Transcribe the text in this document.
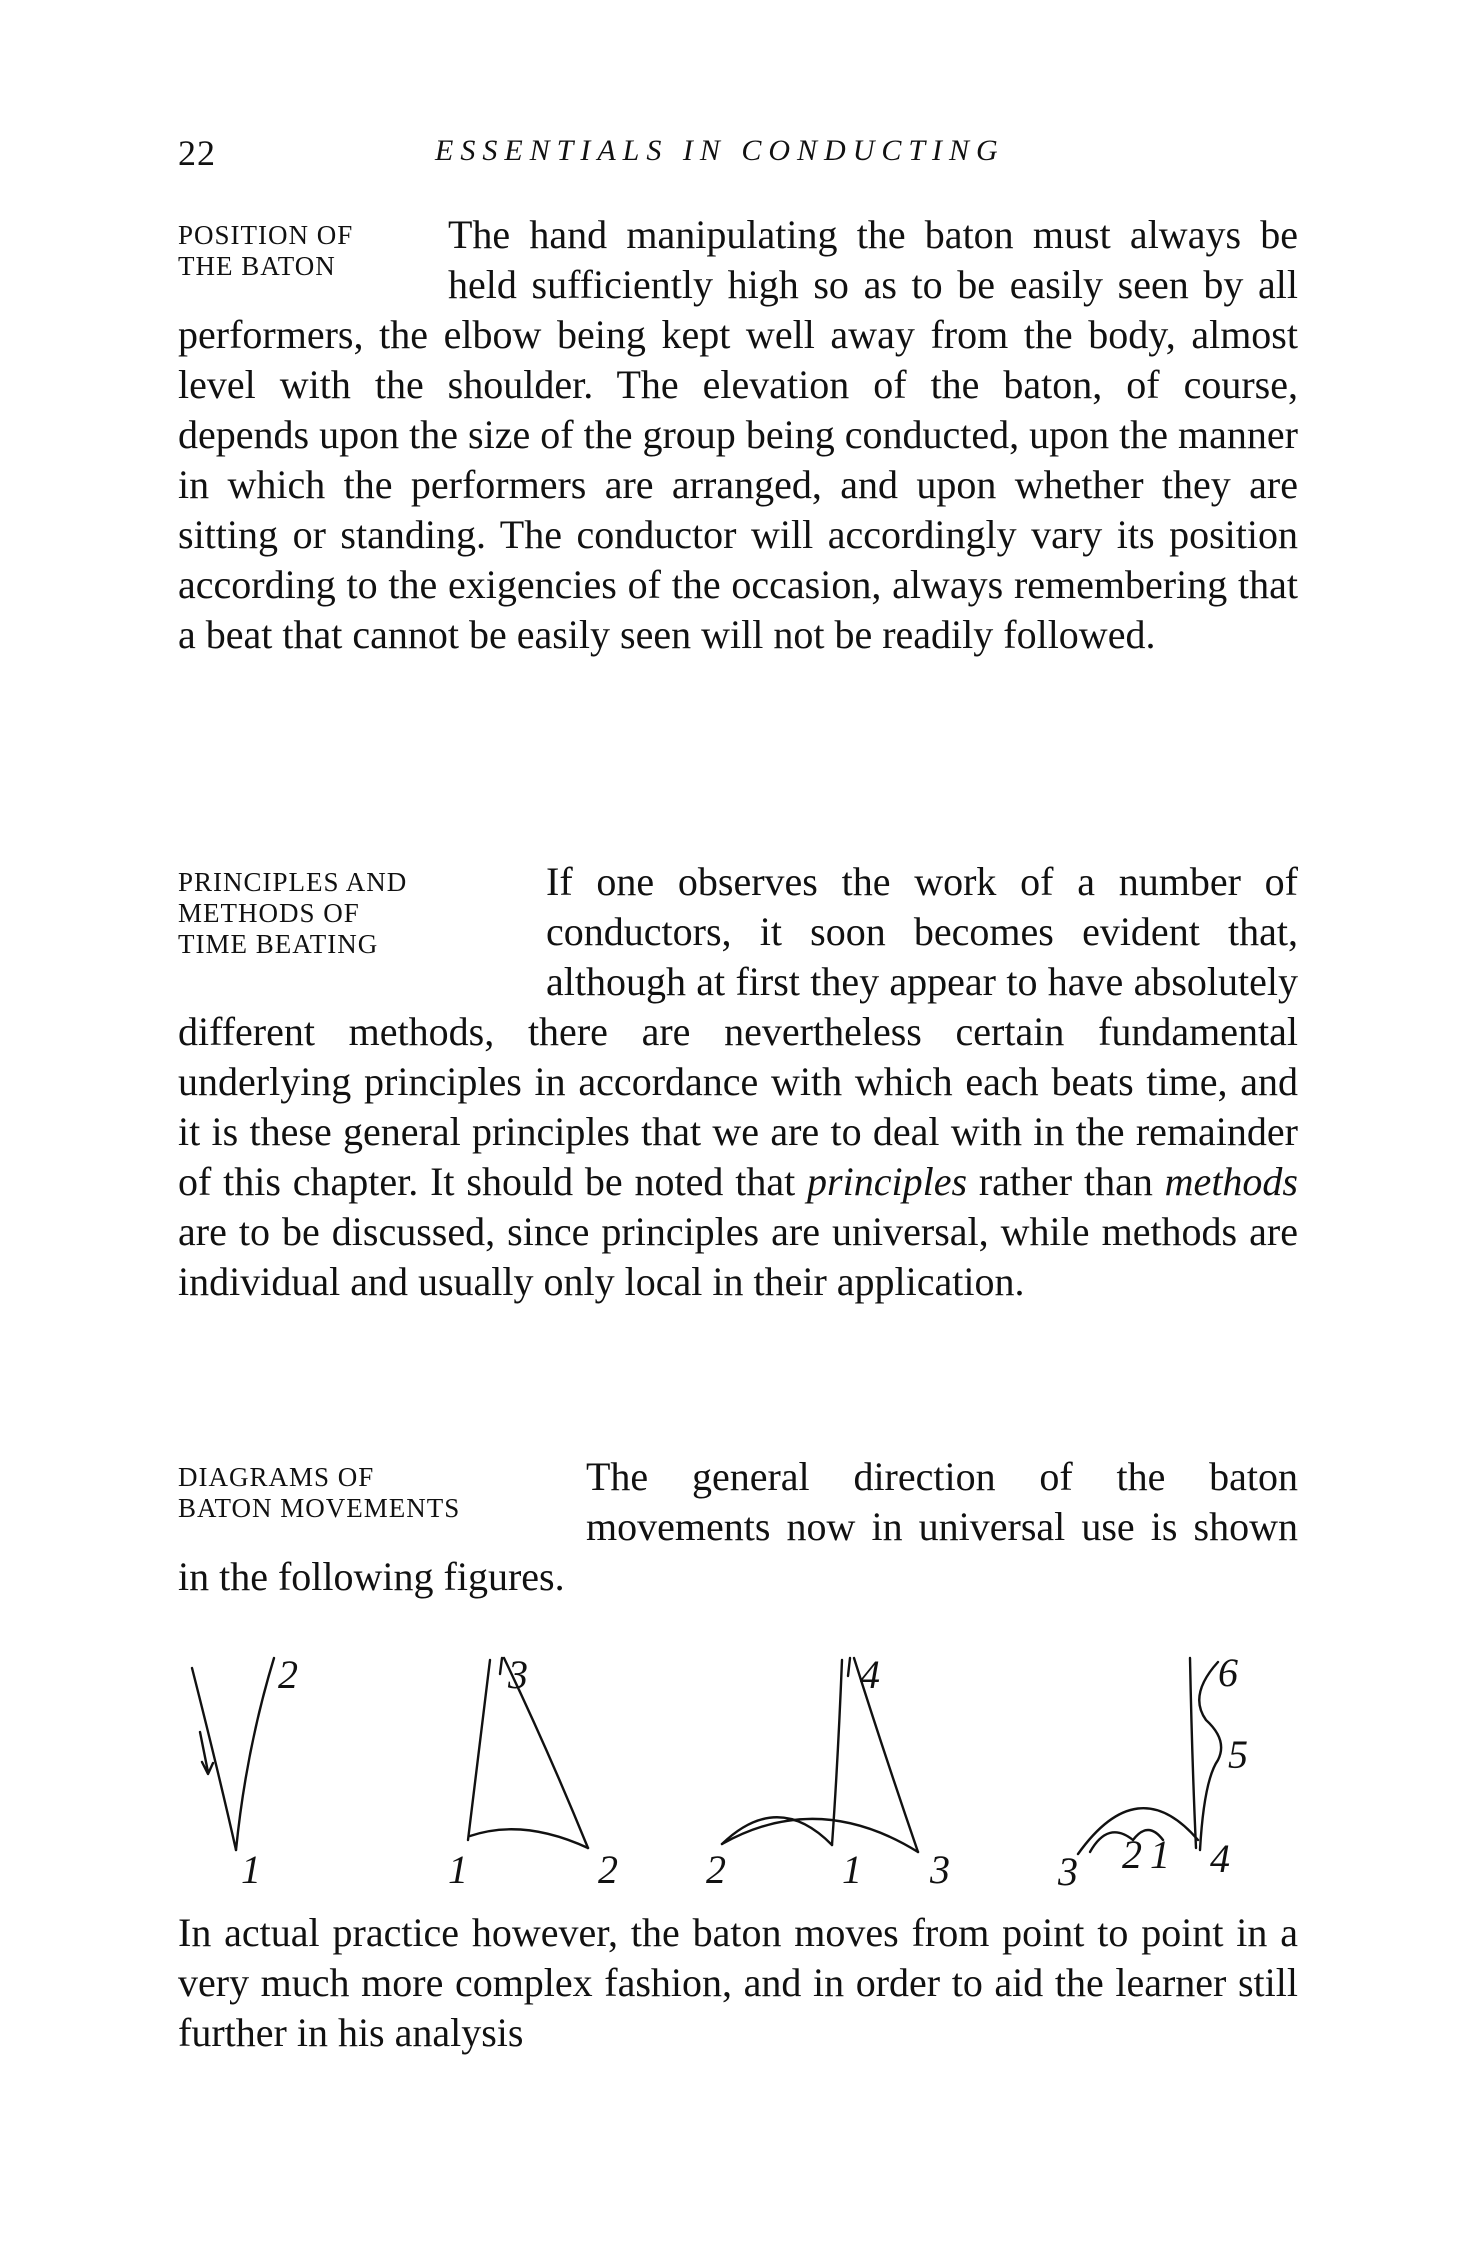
22	ESSENTIALS IN CONDUCTING
POSITION OF
THE BATON

The hand manipulating the baton must always be held sufficiently high so as to be easily seen by all performers, the elbow being kept well away from the body, almost level with the shoulder. The elevation of the baton, of course, depends upon the size of the group being conducted, upon the manner in which the performers are arranged, and upon whether they are sitting or standing. The conductor will accordingly vary its position according to the exigencies of the occasion, always remembering that a beat that cannot be easily seen will not be readily followed.

PRINCIPLES AND
METHODS OF
TIME BEATING

If one observes the work of a number of conductors, it soon becomes evident that, although at first they appear to have absolutely different methods, there are nevertheless certain fundamental underlying principles in accordance with which each beats time, and it is these general principles that we are to deal with in the remainder of this chapter. It should be noted that principles rather than methods are to be discussed, since principles are universal, while methods are individual and usually only local in their application.

DIAGRAMS OF
BATON MOVEMENTS

The general direction of the baton movements now in universal use is shown in the following figures.

2
1
3
1	2
4
2	1 3
6
5
3 2 1 4

In actual practice however, the baton moves from point to point in a very much more complex fashion, and in order to aid the learner still further in his analysis
